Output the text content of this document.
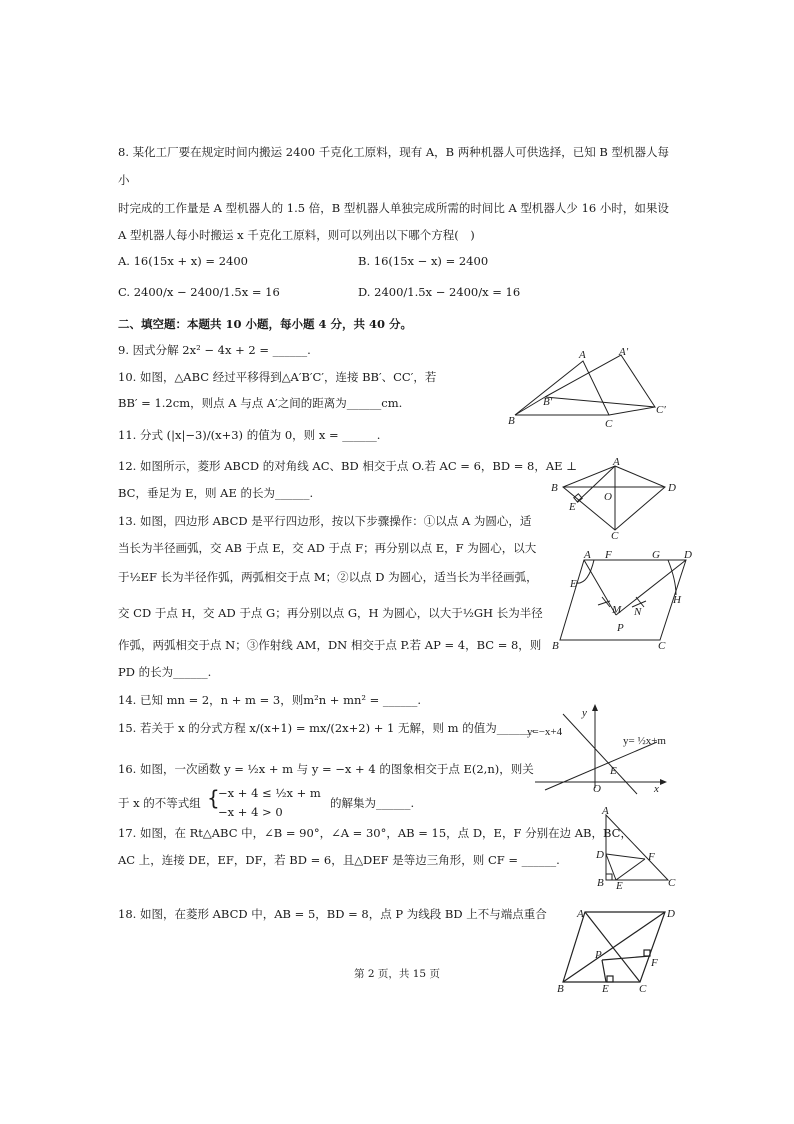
8. 某化工厂要在规定时间内搬运 2400 千克化工原料，现有 A，B 两种机器人可供选择，已知 B 型机器人每
小
时完成的工作量是 A 型机器人的 1.5 倍，B 型机器人单独完成所需的时间比 A 型机器人少 16 小时，如果设
A 型机器人每小时搬运 x 千克化工原料，则可以列出以下哪个方程(　)
A. 16(15x + x) = 2400	B. 16(15x − x) = 2400
C. 2400/x − 2400/1.5x = 16	D. 2400/1.5x − 2400/x = 16
二、填空题：本题共 10 小题，每小题 4 分，共 40 分。
9. 因式分解 2x² − 4x + 2 = ______.
10. 如图，△ABC 经过平移得到△A′B′C′，连接 BB′、CC′，若
BB′ = 1.2cm，则点 A 与点 A′之间的距离为______cm.
11. 分式 (|x|−3)/(x+3) 的值为 0，则 x = ______.
12. 如图所示，菱形 ABCD 的对角线 AC、BD 相交于点 O.若 AC = 6，BD = 8，AE ⊥
BC，垂足为 E，则 AE 的长为______.
13. 如图，四边形 ABCD 是平行四边形，按以下步骤操作：①以点 A 为圆心，适
当长为半径画弧，交 AB 于点 E，交 AD 于点 F；再分别以点 E，F 为圆心，以大
于½EF 长为半径作弧，两弧相交于点 M；②以点 D 为圆心，适当长为半径画弧，
交 CD 于点 H，交 AD 于点 G；再分别以点 G，H 为圆心，以大于½GH 长为半径
作弧，两弧相交于点 N；③作射线 AM，DN 相交于点 P.若 AP = 4，BC = 8，则
PD 的长为______.
14. 已知 mn = 2，n + m = 3，则m²n + mn² = ______.
15. 若关于 x 的分式方程 x/(x+1) = mx/(2x+2) + 1 无解，则 m 的值为______.
16. 如图，一次函数 y = ½x + m 与 y = −x + 4 的图象相交于点 E(2,n)，则关
于 x 的不等式组 {
−x + 4 ≤ ½x + m
−x + 4 > 0
的解集为______.
17. 如图，在 Rt△ABC 中，∠B = 90°，∠A = 30°，AB = 15，点 D，E，F 分别在边 AB，BC，
AC 上，连接 DE，EF，DF，若 BD = 6，且△DEF 是等边三角形，则 CF = ______.
18. 如图，在菱形 ABCD 中，AB = 5，BD = 8，点 P 为线段 BD 上不与端点重合
第 2 页，共 15 页
A	A′
B
B′
C
C′
A
B	D
C
E
O
A F	G D
E
M N
P
H
B	C
y
x
O
E
y=−x+4
y= ½x+m
A
D	F
B E	C
A	D
P
F
B	E	C
